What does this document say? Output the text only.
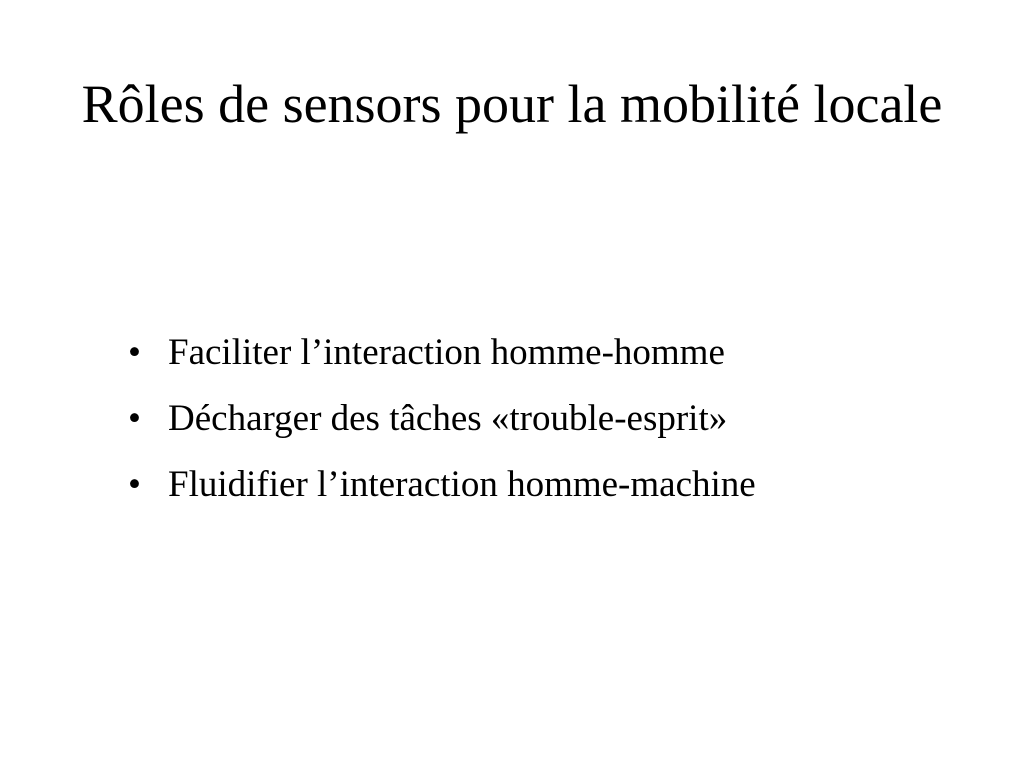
Rôles de sensors pour la mobilité locale
• Faciliter l’interaction homme-homme
• Décharger des tâches «trouble-esprit»
• Fluidifier l’interaction homme-machine
